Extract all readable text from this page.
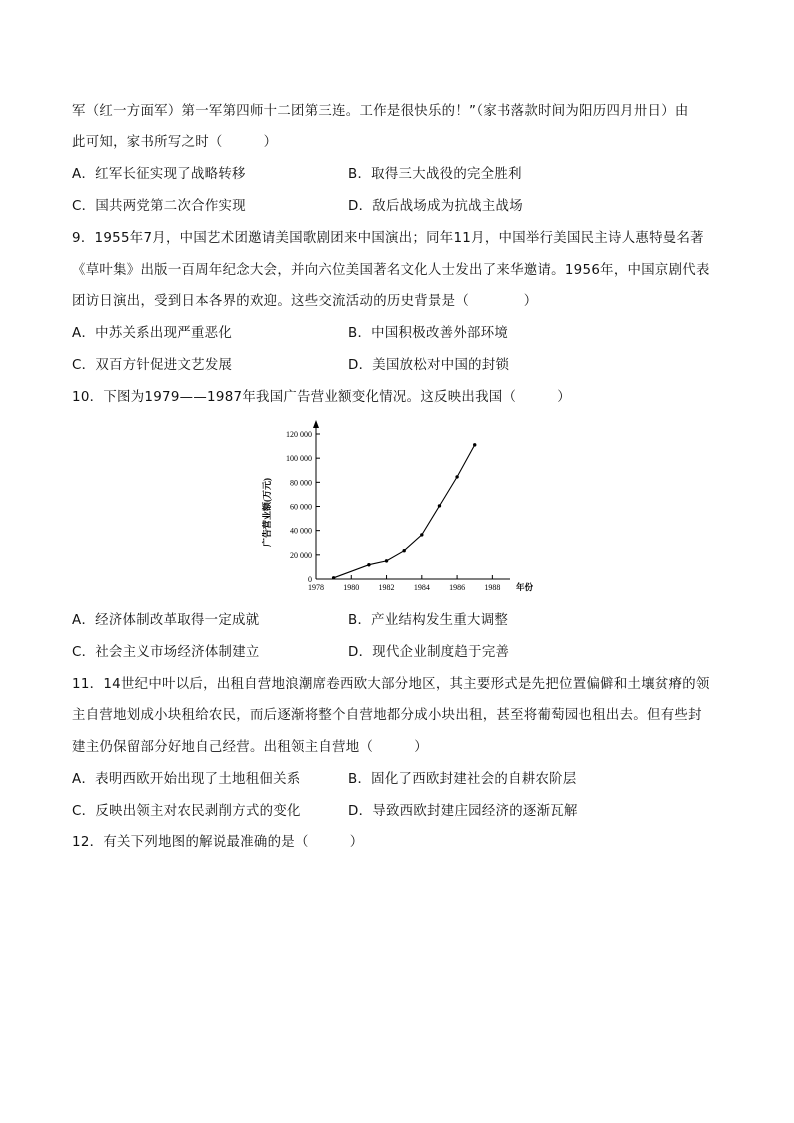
军（红一方面军）第一军第四师十二团第三连。工作是很快乐的！”（家书落款时间为阳历四月卅日）由
此可知，家书所写之时（　　　）
A．红军长征实现了战略转移	B．取得三大战役的完全胜利
C．国共两党第二次合作实现	D．敌后战场成为抗战主战场
9．1955年7月，中国艺术团邀请美国歌剧团来中国演出；同年11月，中国举行美国民主诗人惠特曼名著
《草叶集》出版一百周年纪念大会，并向六位美国著名文化人士发出了来华邀请。1956年，中国京剧代表
团访日演出，受到日本各界的欢迎。这些交流活动的历史背景是（　　　　）
A．中苏关系出现严重恶化	B．中国积极改善外部环境
C．双百方针促进文艺发展	D．美国放松对中国的封锁
10．下图为1979——1987年我国广告营业额变化情况。这反映出我国（　　　）
A．经济体制改革取得一定成就	B．产业结构发生重大调整
C．社会主义市场经济体制建立	D．现代企业制度趋于完善
11．14世纪中叶以后，出租自营地浪潮席卷西欧大部分地区，其主要形式是先把位置偏僻和土壤贫瘠的领
主自营地划成小块租给农民，而后逐渐将整个自营地都分成小块出租，甚至将葡萄园也租出去。但有些封
建主仍保留部分好地自己经营。出租领主自营地（　　　）
A．表明西欧开始出现了土地租佃关系	B．固化了西欧封建社会的自耕农阶层
C．反映出领主对农民剥削方式的变化	D．导致西欧封建庄园经济的逐渐瓦解
12．有关下列地图的解说最准确的是（　　　）
0
20 000
40 000
60 000
80 000
100 000
120 000
1978 1980 1982 1984 1986 1988 年份
广告营业额(万元)
